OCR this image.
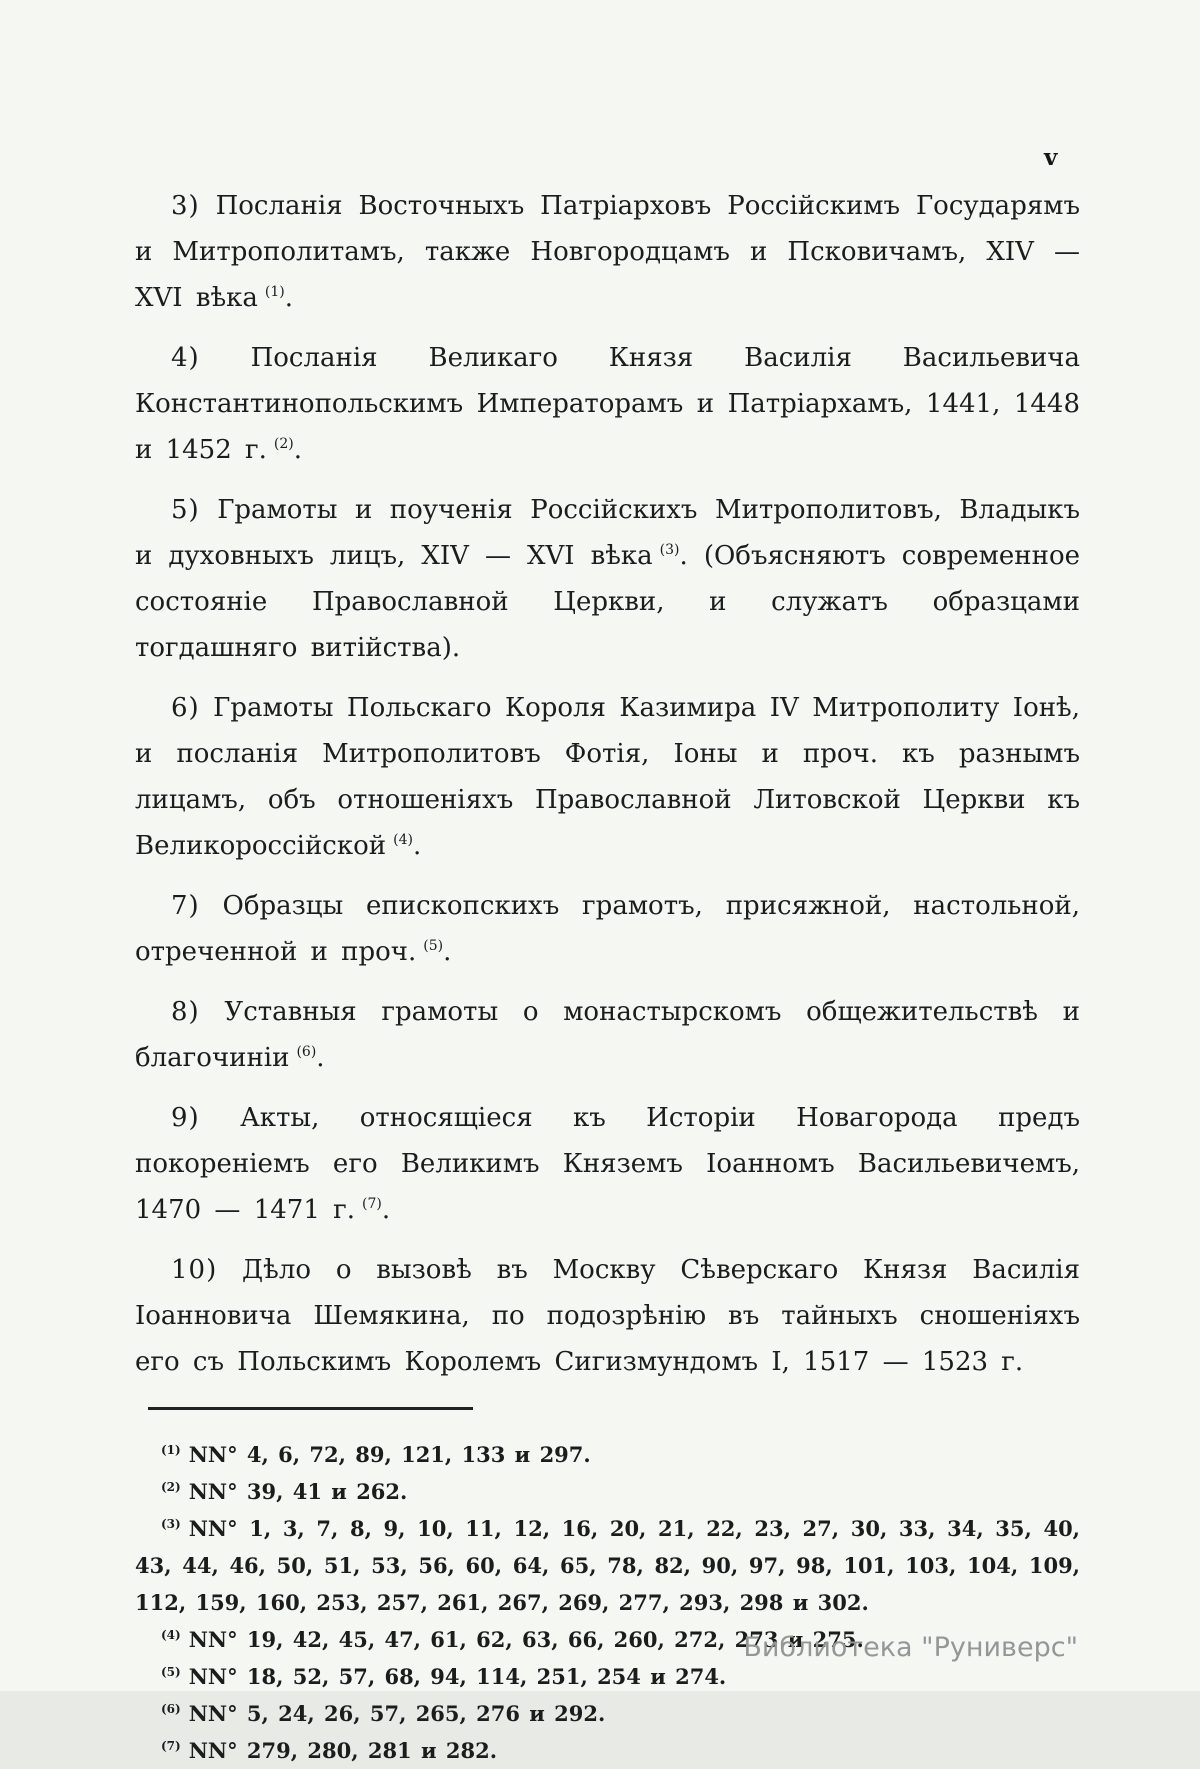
v

3) Посланія Восточныхъ Патріарховъ Россійскимъ Государямъ и Митрополитамъ, также Новгородцамъ и Псковичамъ, XIV — XVI вѣка $^{(1)}$.

4) Посланія Великаго Князя Василія Васильевича Константинопольскимъ Императорамъ и Патріархамъ, 1441, 1448 и 1452 г. $^{(2)}$.

5) Грамоты и поученія Россійскихъ Митрополитовъ, Владыкъ и духовныхъ лицъ, XIV — XVI вѣка $^{(3)}$. (Объясняютъ современное состояніе Православной Церкви, и служатъ образцами тогдашняго витійства).

6) Грамоты Польскаго Короля Казимира IV Митрополиту Іонѣ, и посланія Митрополитовъ Фотія, Іоны и проч. къ разнымъ лицамъ, объ отношеніяхъ Православной Литовской Церкви къ Великороссійской $^{(4)}$.

7) Образцы епископскихъ грамотъ, присяжной, настольной, отреченной и проч. $^{(5)}$.

8) Уставныя грамоты о монастырскомъ общежительствѣ и благочиніи $^{(6)}$.

9) Акты, относящіеся къ Исторіи Новагорода предъ покореніемъ его Великимъ Княземъ Іоанномъ Васильевичемъ, 1470 — 1471 г. $^{(7)}$.

10) Дѣло о вызовѣ въ Москву Сѣверскаго Князя Василія Іоанновича Шемякина, по подозрѣнію въ тайныхъ сношеніяхъ его съ Польскимъ Королемъ Сигизмундомъ I, 1517 — 1523 г.

$^{(1)}$ NN° 4, 6, 72, 89, 121, 133 и 297.

$^{(2)}$ NN° 39, 41 и 262.

$^{(3)}$ NN° 1, 3, 7, 8, 9, 10, 11, 12, 16, 20, 21, 22, 23, 27, 30, 33, 34, 35, 40, 43, 44, 46, 50, 51, 53, 56, 60, 64, 65, 78, 82, 90, 97, 98, 101, 103, 104, 109, 112, 159, 160, 253, 257, 261, 267, 269, 277, 293, 298 и 302.

$^{(4)}$ NN° 19, 42, 45, 47, 61, 62, 63, 66, 260, 272, 273 и 275.

$^{(5)}$ NN° 18, 52, 57, 68, 94, 114, 251, 254 и 274.

$^{(6)}$ NN° 5, 24, 26, 57, 265, 276 и 292.

$^{(7)}$ NN° 279, 280, 281 и 282.

Библиотека "Руниверс"
